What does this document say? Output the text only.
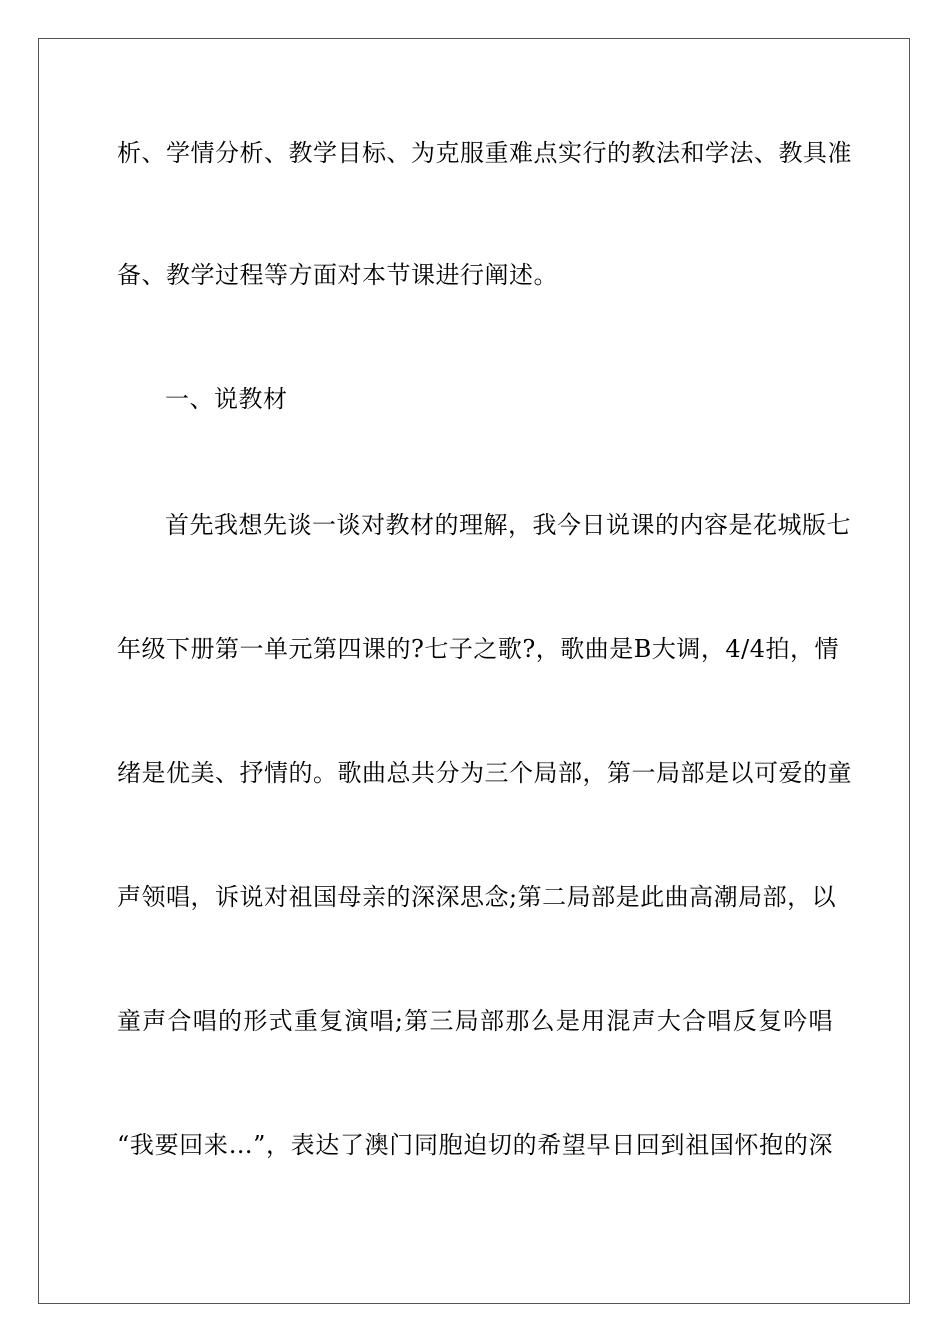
析、学情分析、教学目标、为克服重难点实行的教法和学法、教具准
备、教学过程等方面对本节课进行阐述。
一、说教材
首先我想先谈一谈对教材的理解，我今日说课的内容是花城版七
年级下册第一单元第四课的?七子之歌?，歌曲是B大调，4/4拍，情
绪是优美、抒情的。歌曲总共分为三个局部，第一局部是以可爱的童
声领唱，诉说对祖国母亲的深深思念;第二局部是此曲高潮局部，以
童声合唱的形式重复演唱;第三局部那么是用混声大合唱反复吟唱
“我要回来…”，表达了澳门同胞迫切的希望早日回到祖国怀抱的深
